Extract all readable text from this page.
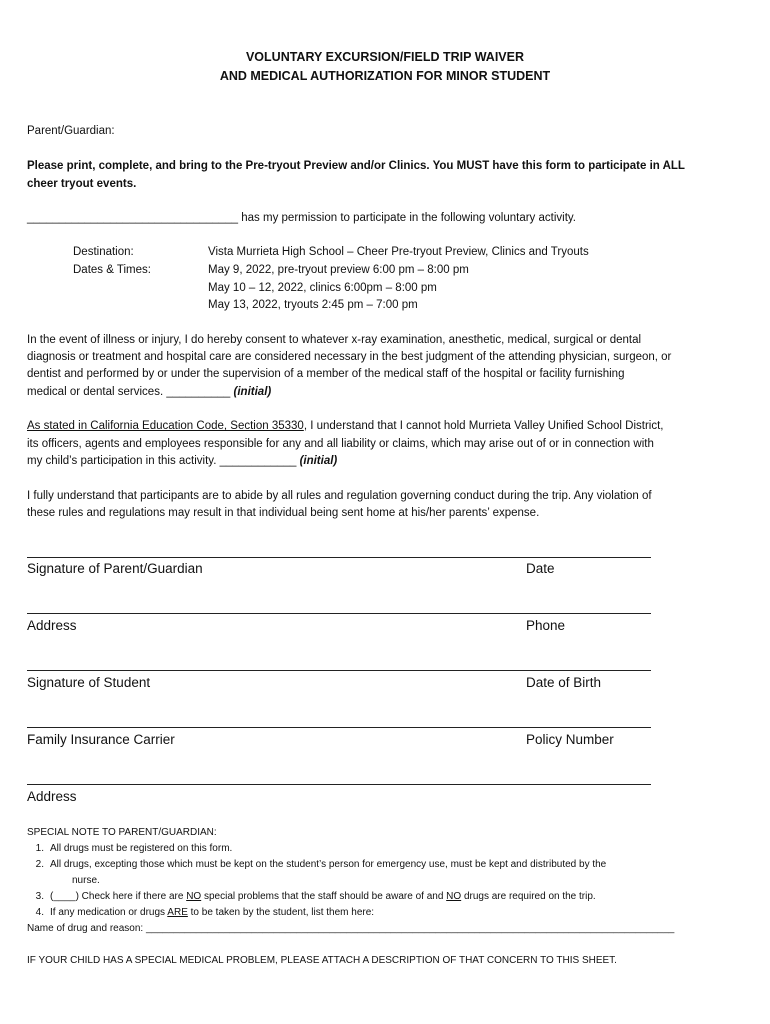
VOLUNTARY EXCURSION/FIELD TRIP WAIVER
AND MEDICAL AUTHORIZATION FOR MINOR STUDENT
Parent/Guardian:
Please print, complete, and bring to the Pre-tryout Preview and/or Clinics. You MUST have this form to participate in ALL
cheer tryout events.
_________________________________ has my permission to participate in the following voluntary activity.
Destination:	Vista Murrieta High School – Cheer Pre-tryout Preview, Clinics and Tryouts
Dates & Times:	May 9, 2022, pre-tryout preview 6:00 pm – 8:00 pm
May 10 – 12, 2022, clinics 6:00pm – 8:00 pm
May 13, 2022, tryouts 2:45 pm – 7:00 pm
In the event of illness or injury, I do hereby consent to whatever x-ray examination, anesthetic, medical, surgical or dental
diagnosis or treatment and hospital care are considered necessary in the best judgment of the attending physician, surgeon, or
dentist and performed by or under the supervision of a member of the medical staff of the hospital or facility furnishing
medical or dental services. __________ (initial)
As stated in California Education Code, Section 35330, I understand that I cannot hold Murrieta Valley Unified School District,
its officers, agents and employees responsible for any and all liability or claims, which may arise out of or in connection with
my child’s participation in this activity. ____________ (initial)
I fully understand that participants are to abide by all rules and regulation governing conduct during the trip. Any violation of
these rules and regulations may result in that individual being sent home at his/her parents’ expense.
Signature of Parent/Guardian	Date
Address	Phone
Signature of Student	Date of Birth
Family Insurance Carrier	Policy Number
Address
SPECIAL NOTE TO PARENT/GUARDIAN:
1. All drugs must be registered on this form.
2. All drugs, excepting those which must be kept on the student’s person for emergency use, must be kept and distributed by the
nurse.
3. (____) Check here if there are NO special problems that the staff should be aware of and NO drugs are required on the trip.
4. If any medication or drugs ARE to be taken by the student, list them here:
Name of drug and reason: _______________________________________________________________________________________________
IF YOUR CHILD HAS A SPECIAL MEDICAL PROBLEM, PLEASE ATTACH A DESCRIPTION OF THAT CONCERN TO THIS SHEET.
